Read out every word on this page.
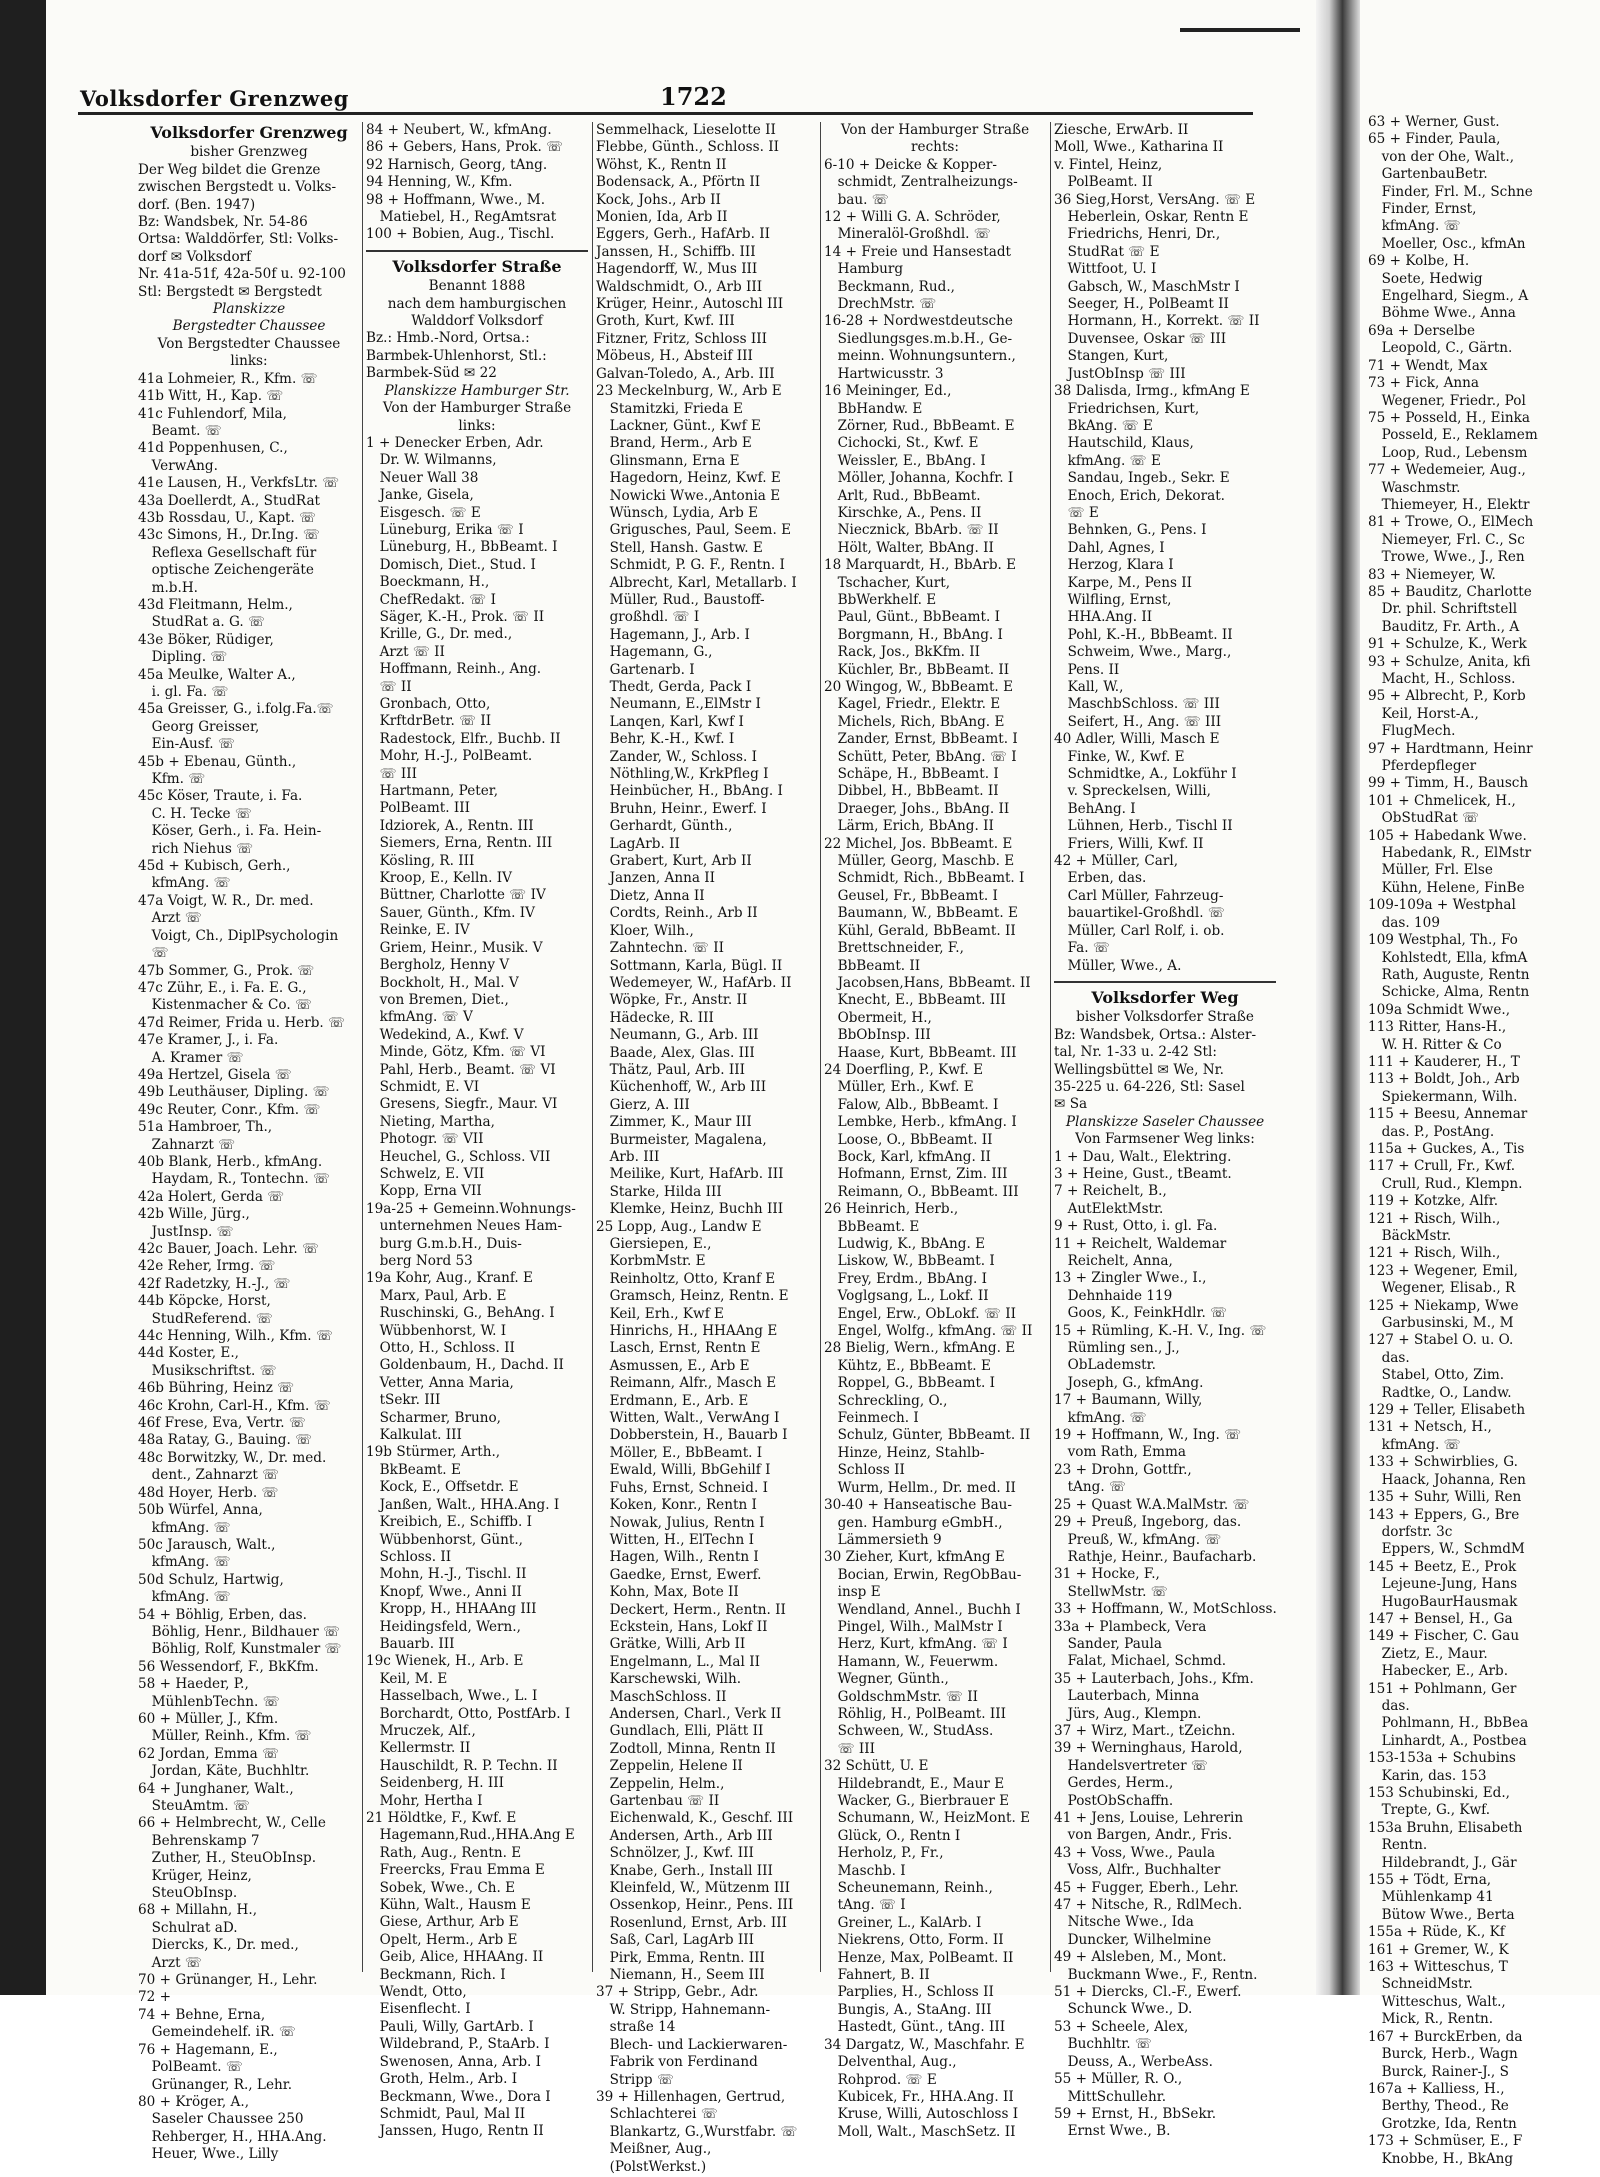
Volksdorfer Grenzweg	1722
Volksdorfer Grenzweg
bisher Grenzweg
Der Weg bildet die Grenze
zwischen Bergstedt u. Volks-
dorf. (Ben. 1947)
Bz: Wandsbek, Nr. 54-86
Ortsa: Walddörfer, Stl: Volks-
dorf ✉ Volksdorf
Nr. 41a-51f, 42a-50f u. 92-100
Stl: Bergstedt ✉ Bergstedt
Planskizze
Bergstedter Chaussee
Von Bergstedter Chaussee
links:
41a Lohmeier, R., Kfm. ☏
41b Witt, H., Kap. ☏
41c Fuhlendorf, Mila,
 Beamt. ☏
41d Poppenhusen, C.,
 VerwAng.
41e Lausen, H., VerkfsLtr. ☏
43a Doellerdt, A., StudRat
43b Rossdau, U., Kapt. ☏
43c Simons, H., Dr.Ing. ☏
 Reflexa Gesellschaft für
 optische Zeichengeräte
 m.b.H.
43d Fleitmann, Helm.,
 StudRat a. G. ☏
43e Böker, Rüdiger,
 Dipling. ☏
45a Meulke, Walter A.,
 i. gl. Fa. ☏
45a Greisser, G., i.folg.Fa.☏
 Georg Greisser,
 Ein-Ausf. ☏
45b + Ebenau, Günth.,
 Kfm. ☏
45c Köser, Traute, i. Fa.
 C. H. Tecke ☏
 Köser, Gerh., i. Fa. Hein-
 rich Niehus ☏
45d + Kubisch, Gerh.,
 kfmAng. ☏
47a Voigt, W. R., Dr. med.
 Arzt ☏
 Voigt, Ch., DiplPsychologin
 ☏
47b Sommer, G., Prok. ☏
47c Zühr, E., i. Fa. E. G.,
 Kistenmacher & Co. ☏
47d Reimer, Frida u. Herb. ☏
47e Kramer, J., i. Fa.
 A. Kramer ☏
49a Hertzel, Gisela ☏
49b Leuthäuser, Dipling. ☏
49c Reuter, Conr., Kfm. ☏
51a Hambroer, Th.,
 Zahnarzt ☏
40b Blank, Herb., kfmAng.
 Haydam, R., Tontechn. ☏
42a Holert, Gerda ☏
42b Wille, Jürg.,
 JustInsp. ☏
42c Bauer, Joach. Lehr. ☏
42e Reher, Irmg. ☏
42f Radetzky, H.-J., ☏
44b Köpcke, Horst,
 StudReferend. ☏
44c Henning, Wilh., Kfm. ☏
44d Koster, E.,
 Musikschriftst. ☏
46b Bühring, Heinz ☏
46c Krohn, Carl-H., Kfm. ☏
46f Frese, Eva, Vertr. ☏
48a Ratay, G., Bauing. ☏
48c Borwitzky, W., Dr. med.
 dent., Zahnarzt ☏
48d Hoyer, Herb. ☏
50b Würfel, Anna,
 kfmAng. ☏
50c Jarausch, Walt.,
 kfmAng. ☏
50d Schulz, Hartwig,
 kfmAng. ☏
54 + Böhlig, Erben, das.
 Böhlig, Henr., Bildhauer ☏
 Böhlig, Rolf, Kunstmaler ☏
56 Wessendorf, F., BkKfm.
58 + Haeder, P.,
 MühlenbTechn. ☏
60 + Müller, J., Kfm.
 Müller, Reinh., Kfm. ☏
62 Jordan, Emma ☏
 Jordan, Käte, Buchhltr.
64 + Junghaner, Walt.,
 SteuAmtm. ☏
66 + Helmbrecht, W., Celle
 Behrenskamp 7
 Zuther, H., SteuObInsp.
 Krüger, Heinz,
 SteuObInsp.
68 + Millahn, H.,
 Schulrat aD.
 Diercks, K., Dr. med.,
 Arzt ☏
70 + Grünanger, H., Lehr.
72 +
74 + Behne, Erna,
 Gemeindehelf. iR. ☏
76 + Hagemann, E.,
 PolBeamt. ☏
 Grünanger, R., Lehr.
80 + Kröger, A.,
 Saseler Chaussee 250
 Rehberger, H., HHA.Ang.
 Heuer, Wwe., Lilly
84 + Neubert, W., kfmAng.
86 + Gebers, Hans, Prok. ☏
92 Harnisch, Georg, tAng.
94 Henning, W., Kfm.
98 + Hoffmann, Wwe., M.
 Matiebel, H., RegAmtsrat
100 + Bobien, Aug., Tischl.
Volksdorfer Straße
Benannt 1888
nach dem hamburgischen
Walddorf Volksdorf
Bz.: Hmb.-Nord, Ortsa.:
Barmbek-Uhlenhorst, Stl.:
Barmbek-Süd ✉ 22
Planskizze Hamburger Str.
Von der Hamburger Straße
links:
1 + Denecker Erben, Adr.
 Dr. W. Wilmanns,
 Neuer Wall 38
 Janke, Gisela,
 Eisgesch. ☏ E
 Lüneburg, Erika ☏ I
 Lüneburg, H., BbBeamt. I
 Domisch, Diet., Stud. I
 Boeckmann, H.,
 ChefRedakt. ☏ I
 Säger, K.-H., Prok. ☏ II
 Krille, G., Dr. med.,
 Arzt ☏ II
 Hoffmann, Reinh., Ang.
 ☏ II
 Gronbach, Otto,
 KrftdrBetr. ☏ II
 Radestock, Elfr., Buchb. II
 Mohr, H.-J., PolBeamt.
 ☏ III
 Hartmann, Peter,
 PolBeamt. III
 Idziorek, A., Rentn. III
 Siemers, Erna, Rentn. III
 Kösling, R. III
 Kroop, E., Kelln. IV
 Büttner, Charlotte ☏ IV
 Sauer, Günth., Kfm. IV
 Reinke, E. IV
 Griem, Heinr., Musik. V
 Bergholz, Henny V
 Bockholt, H., Mal. V
 von Bremen, Diet.,
 kfmAng. ☏ V
 Wedekind, A., Kwf. V
 Minde, Götz, Kfm. ☏ VI
 Pahl, Herb., Beamt. ☏ VI
 Schmidt, E. VI
 Gresens, Siegfr., Maur. VI
 Nieting, Martha,
 Photogr. ☏ VII
 Heuchel, G., Schloss. VII
 Schwelz, E. VII
 Kopp, Erna VII
19a-25 + Gemeinn.Wohnungs-
 unternehmen Neues Ham-
 burg G.m.b.H., Duis-
 berg Nord 53
19a Kohr, Aug., Kranf. E
 Marx, Paul, Arb. E
 Ruschinski, G., BehAng. I
 Wübbenhorst, W. I
 Otto, H., Schloss. II
 Goldenbaum, H., Dachd. II
 Vetter, Anna Maria,
 tSekr. III
 Scharmer, Bruno,
 Kalkulat. III
19b Stürmer, Arth.,
 BkBeamt. E
 Kock, E., Offsetdr. E
 Janßen, Walt., HHA.Ang. I
 Kreibich, E., Schiffb. I
 Wübbenhorst, Günt.,
 Schloss. II
 Mohn, H.-J., Tischl. II
 Knopf, Wwe., Anni II
 Kropp, H., HHAAng III
 Heidingsfeld, Wern.,
 Bauarb. III
19c Wienek, H., Arb. E
 Keil, M. E
 Hasselbach, Wwe., L. I
 Borchardt, Otto, PostfArb. I
 Mruczek, Alf.,
 Kellermstr. II
 Hauschildt, R. P. Techn. II
 Seidenberg, H. III
 Mohr, Hertha I
21 Höldtke, F., Kwf. E
 Hagemann,Rud.,HHA.Ang E
 Rath, Aug., Rentn. E
 Freercks, Frau Emma E
 Sobek, Wwe., Ch. E
 Kühn, Walt., Hausm E
 Giese, Arthur, Arb E
 Opelt, Herm., Arb E
 Geib, Alice, HHAAng. II
 Beckmann, Rich. I
 Wendt, Otto,
 Eisenflecht. I
 Pauli, Willy, GartArb. I
 Wildebrand, P., StaArb. I
 Swenosen, Anna, Arb. I
 Groth, Helm., Arb. I
 Beckmann, Wwe., Dora I
 Schmidt, Paul, Mal II
 Janssen, Hugo, Rentn II
Semmelhack, Lieselotte II
Flebbe, Günth., Schloss. II
Wöhst, K., Rentn II
Bodensack, A., Pförtn II
Kock, Johs., Arb II
Monien, Ida, Arb II
Eggers, Gerh., HafArb. II
Janssen, H., Schiffb. III
Hagendorff, W., Mus III
Waldschmidt, O., Arb III
Krüger, Heinr., Autoschl III
Groth, Kurt, Kwf. III
Fitzner, Fritz, Schloss III
Möbeus, H., Absteif III
Galvan-Toledo, A., Arb. III
23 Meckelnburg, W., Arb E
 Stamitzki, Frieda E
 Lackner, Günt., Kwf E
 Brand, Herm., Arb E
 Glinsmann, Erna E
 Hagedorn, Heinz, Kwf. E
 Nowicki Wwe.,Antonia E
 Wünsch, Lydia, Arb E
 Grigusches, Paul, Seem. E
 Stell, Hansh. Gastw. E
 Schmidt, P. G. F., Rentn. I
 Albrecht, Karl, Metallarb. I
 Müller, Rud., Baustoff-
 großhdl. ☏ I
 Hagemann, J., Arb. I
 Hagemann, G.,
 Gartenarb. I
 Thedt, Gerda, Pack I
 Neumann, E.,ElMstr I
 Lanqen, Karl, Kwf I
 Behr, K.-H., Kwf. I
 Zander, W., Schloss. I
 Nöthling,W., KrkPfleg I
 Heinbücher, H., BbAng. I
 Bruhn, Heinr., Ewerf. I
 Gerhardt, Günth.,
 LagArb. II
 Grabert, Kurt, Arb II
 Janzen, Anna II
 Dietz, Anna II
 Cordts, Reinh., Arb II
 Kloer, Wilh.,
 Zahntechn. ☏ II
 Sottmann, Karla, Bügl. II
 Wedemeyer, W., HafArb. II
 Wöpke, Fr., Anstr. II
 Hädecke, R. III
 Neumann, G., Arb. III
 Baade, Alex, Glas. III
 Thätz, Paul, Arb. III
 Küchenhoff, W., Arb III
 Gierz, A. III
 Zimmer, K., Maur III
 Burmeister, Magalena,
 Arb. III
 Meilike, Kurt, HafArb. III
 Starke, Hilda III
 Klemke, Heinz, Buchh III
25 Lopp, Aug., Landw E
 Giersiepen, E.,
 KorbmMstr. E
 Reinholtz, Otto, Kranf E
 Gramsch, Heinz, Rentn. E
 Keil, Erh., Kwf E
 Hinrichs, H., HHAAng E
 Lasch, Ernst, Rentn E
 Asmussen, E., Arb E
 Reimann, Alfr., Masch E
 Erdmann, E., Arb. E
 Witten, Walt., VerwAng I
 Dobberstein, H., Bauarb I
 Möller, E., BbBeamt. I
 Ewald, Willi, BbGehilf I
 Fuhs, Ernst, Schneid. I
 Koken, Konr., Rentn I
 Nowak, Julius, Rentn I
 Witten, H., ElTechn I
 Hagen, Wilh., Rentn I
 Gaedke, Ernst, Ewerf.
 Kohn, Max, Bote II
 Deckert, Herm., Rentn. II
 Eckstein, Hans, Lokf II
 Grätke, Willi, Arb II
 Engelmann, L., Mal II
 Karschewski, Wilh.
 MaschSchloss. II
 Andersen, Charl., Verk II
 Gundlach, Elli, Plätt II
 Zodtoll, Minna, Rentn II
 Zeppelin, Helene II
 Zeppelin, Helm.,
 Gartenbau ☏ II
 Eichenwald, K., Geschf. III
 Andersen, Arth., Arb III
 Schnölzer, J., Kwf. III
 Knabe, Gerh., Install III
 Kleinfeld, W., Mützenm III
 Ossenkop, Heinr., Pens. III
 Rosenlund, Ernst, Arb. III
 Saß, Carl, LagArb III
 Pirk, Emma, Rentn. III
 Niemann, H., Seem III
37 + Stripp, Gebr., Adr.
 W. Stripp, Hahnemann-
 straße 14
 Blech- und Lackierwaren-
 Fabrik von Ferdinand
 Stripp ☏
39 + Hillenhagen, Gertrud,
 Schlachterei ☏
 Blankartz, G.,Wurstfabr. ☏
 Meißner, Aug.,
 (PolstWerkst.)
Von der Hamburger Straße
rechts:
6-10 + Deicke & Kopper-
 schmidt, Zentralheizungs-
 bau. ☏
12 + Willi G. A. Schröder,
 Mineralöl-Großhdl. ☏
14 + Freie und Hansestadt
 Hamburg
 Beckmann, Rud.,
 DrechMstr. ☏
16-28 + Nordwestdeutsche
 Siedlungsges.m.b.H., Ge-
 meinn. Wohnungsuntern.,
 Hartwicusstr. 3
16 Meininger, Ed.,
 BbHandw. E
 Zörner, Rud., BbBeamt. E
 Cichocki, St., Kwf. E
 Weissler, E., BbAng. I
 Möller, Johanna, Kochfr. I
 Arlt, Rud., BbBeamt.
 Kirschke, A., Pens. II
 Niecznick, BbArb. ☏ II
 Hölt, Walter, BbAng. II
18 Marquardt, H., BbArb. E
 Tschacher, Kurt,
 BbWerkhelf. E
 Paul, Günt., BbBeamt. I
 Borgmann, H., BbAng. I
 Rack, Jos., BkKfm. II
 Küchler, Br., BbBeamt. II
20 Wingog, W., BbBeamt. E
 Kagel, Friedr., Elektr. E
 Michels, Rich, BbAng. E
 Zander, Ernst, BbBeamt. I
 Schütt, Peter, BbAng. ☏ I
 Schäpe, H., BbBeamt. I
 Dibbel, H., BbBeamt. II
 Draeger, Johs., BbAng. II
 Lärm, Erich, BbAng. II
22 Michel, Jos. BbBeamt. E
 Müller, Georg, Maschb. E
 Schmidt, Rich., BbBeamt. I
 Geusel, Fr., BbBeamt. I
 Baumann, W., BbBeamt. E
 Kühl, Gerald, BbBeamt. II
 Brettschneider, F.,
 BbBeamt. II
 Jacobsen,Hans, BbBeamt. II
 Knecht, E., BbBeamt. III
 Obermeit, H.,
 BbObInsp. III
 Haase, Kurt, BbBeamt. III
24 Doerfling, P., Kwf. E
 Müller, Erh., Kwf. E
 Falow, Alb., BbBeamt. I
 Lembke, Herb., kfmAng. I
 Loose, O., BbBeamt. II
 Bock, Karl, kfmAng. II
 Hofmann, Ernst, Zim. III
 Reimann, O., BbBeamt. III
26 Heinrich, Herb.,
 BbBeamt. E
 Ludwig, K., BbAng. E
 Liskow, W., BbBeamt. I
 Frey, Erdm., BbAng. I
 Voglgsang, L., Lokf. II
 Engel, Erw., ObLokf. ☏ II
 Engel, Wolfg., kfmAng. ☏ II
28 Bielig, Wern., kfmAng. E
 Kühtz, E., BbBeamt. E
 Roppel, G., BbBeamt. I
 Schreckling, O.,
 Feinmech. I
 Schulz, Günter, BbBeamt. II
 Hinze, Heinz, Stahlb-
 Schloss II
 Wurm, Hellm., Dr. med. II
30-40 + Hanseatische Bau-
 gen. Hamburg eGmbH.,
 Lämmersieth 9
30 Zieher, Kurt, kfmAng E
 Bocian, Erwin, RegObBau-
 insp E
 Wendland, Annel., Buchh I
 Pingel, Wilh., MalMstr I
 Herz, Kurt, kfmAng. ☏ I
 Hamann, W., Feuerwm.
 Wegner, Günth.,
 GoldschmMstr. ☏ II
 Röhlig, H., PolBeamt. III
 Schween, W., StudAss.
 ☏ III
32 Schütt, U. E
 Hildebrandt, E., Maur E
 Wacker, G., Bierbrauer E
 Schumann, W., HeizMont. E
 Glück, O., Rentn I
 Herholz, P., Fr.,
 Maschb. I
 Scheunemann, Reinh.,
 tAng. ☏ I
 Greiner, L., KalArb. I
 Niekrens, Otto, Form. II
 Henze, Max, PolBeamt. II
 Fahnert, B. II
 Parplies, H., Schloss II
 Bungis, A., StaAng. III
 Hastedt, Günt., tAng. III
34 Dargatz, W., Maschfahr. E
 Delventhal, Aug.,
 Rohprod. ☏ E
 Kubicek, Fr., HHA.Ang. II
 Kruse, Willi, Autoschloss I
 Moll, Walt., MaschSetz. II
Ziesche, ErwArb. II
Moll, Wwe., Katharina II
v. Fintel, Heinz,
 PolBeamt. II
36 Sieg,Horst, VersAng. ☏ E
 Heberlein, Oskar, Rentn E
 Friedrichs, Henri, Dr.,
 StudRat ☏ E
 Wittfoot, U. I
 Gabsch, W., MaschMstr I
 Seeger, H., PolBeamt II
 Hormann, H., Korrekt. ☏ II
 Duvensee, Oskar ☏ III
 Stangen, Kurt,
 JustObInsp ☏ III
38 Dalisda, Irmg., kfmAng E
 Friedrichsen, Kurt,
 BkAng. ☏ E
 Hautschild, Klaus,
 kfmAng. ☏ E
 Sandau, Ingeb., Sekr. E
 Enoch, Erich, Dekorat.
 ☏ E
 Behnken, G., Pens. I
 Dahl, Agnes, I
 Herzog, Klara I
 Karpe, M., Pens II
 Wilfling, Ernst,
 HHA.Ang. II
 Pohl, K.-H., BbBeamt. II
 Schweim, Wwe., Marg.,
 Pens. II
 Kall, W.,
 MaschbSchloss. ☏ III
 Seifert, H., Ang. ☏ III
40 Adler, Willi, Masch E
 Finke, W., Kwf. E
 Schmidtke, A., Lokführ I
 v. Spreckelsen, Willi,
 BehAng. I
 Lühnen, Herb., Tischl II
 Friers, Willi, Kwf. II
42 + Müller, Carl,
 Erben, das.
 Carl Müller, Fahrzeug-
 bauartikel-Großhdl. ☏
 Müller, Carl Rolf, i. ob.
 Fa. ☏
 Müller, Wwe., A.
Volksdorfer Weg
bisher Volksdorfer Straße
Bz: Wandsbek, Ortsa.: Alster-
tal, Nr. 1-33 u. 2-42 Stl:
Wellingsbüttel ✉ We, Nr.
35-225 u. 64-226, Stl: Sasel
✉ Sa
Planskizze Saseler Chaussee
Von Farmsener Weg links:
1 + Dau, Walt., Elektring.
3 + Heine, Gust., tBeamt.
7 + Reichelt, B.,
 AutElektMstr.
9 + Rust, Otto, i. gl. Fa.
11 + Reichelt, Waldemar
 Reichelt, Anna,
13 + Zingler Wwe., I.,
 Dehnhaide 119
 Goos, K., FeinkHdlr. ☏
15 + Rümling, K.-H. V., Ing. ☏
 Rümling sen., J.,
 ObLademstr.
 Joseph, G., kfmAng.
17 + Baumann, Willy,
 kfmAng. ☏
19 + Hoffmann, W., Ing. ☏
 vom Rath, Emma
23 + Drohn, Gottfr.,
 tAng. ☏
25 + Quast W.A.MalMstr. ☏
29 + Preuß, Ingeborg, das.
 Preuß, W., kfmAng. ☏
 Rathje, Heinr., Baufacharb.
31 + Hocke, F.,
 StellwMstr. ☏
33 + Hoffmann, W., MotSchloss.
33a + Plambeck, Vera
 Sander, Paula
 Falat, Michael, Schmd.
35 + Lauterbach, Johs., Kfm.
 Lauterbach, Minna
 Jürs, Aug., Klempn.
37 + Wirz, Mart., tZeichn.
39 + Werninghaus, Harold,
 Handelsvertreter ☏
 Gerdes, Herm.,
 PostObSchaffn.
41 + Jens, Louise, Lehrerin
 von Bargen, Andr., Fris.
43 + Voss, Wwe., Paula
 Voss, Alfr., Buchhalter
45 + Fugger, Eberh., Lehr.
47 + Nitsche, R., RdlMech.
 Nitsche Wwe., Ida
 Duncker, Wilhelmine
49 + Alsleben, M., Mont.
 Buckmann Wwe., F., Rentn.
51 + Diercks, Cl.-F., Ewerf.
 Schunck Wwe., D.
53 + Scheele, Alex,
 Buchhltr. ☏
 Deuss, A., WerbeAss.
55 + Müller, R. O.,
 MittSchullehr.
59 + Ernst, H., BbSekr.
 Ernst Wwe., B.
63 + Werner, Gust.
65 + Finder, Paula,
 von der Ohe, Walt.,
 GartenbauBetr.
 Finder, Frl. M., Schne
 Finder, Ernst,
 kfmAng. ☏
 Moeller, Osc., kfmAn
69 + Kolbe, H.
 Soete, Hedwig
 Engelhard, Siegm., A
 Böhme Wwe., Anna
69a + Derselbe
 Leopold, C., Gärtn.
71 + Wendt, Max
73 + Fick, Anna
 Wegener, Friedr., Pol
75 + Posseld, H., Einka
 Posseld, E., Reklamem
 Loop, Rud., Lebensm
77 + Wedemeier, Aug.,
 Waschmstr.
 Thiemeyer, H., Elektr
81 + Trowe, O., ElMech
 Niemeyer, Frl. C., Sc
 Trowe, Wwe., J., Ren
83 + Niemeyer, W.
85 + Bauditz, Charlotte
 Dr. phil. Schriftstell
 Bauditz, Fr. Arth., A
91 + Schulze, K., Werk
93 + Schulze, Anita, kfi
 Macht, H., Schloss.
95 + Albrecht, P., Korb
 Keil, Horst-A.,
 FlugMech.
97 + Hardtmann, Heinr
 Pferdepfleger
99 + Timm, H., Bausch
101 + Chmelicek, H.,
 ObStudRat ☏
105 + Habedank Wwe.
 Habedank, R., ElMstr
 Müller, Frl. Else
 Kühn, Helene, FinBe
109-109a + Westphal
 das. 109
109 Westphal, Th., Fo
 Kohlstedt, Ella, kfmA
 Rath, Auguste, Rentn
 Schicke, Alma, Rentn
109a Schmidt Wwe.,
113 Ritter, Hans-H.,
 W. H. Ritter & Co
111 + Kauderer, H., T
113 + Boldt, Joh., Arb
 Spiekermann, Wilh.
115 + Beesu, Annemar
 das. P., PostAng.
115a + Guckes, A., Tis
117 + Crull, Fr., Kwf.
 Crull, Rud., Klempn.
119 + Kotzke, Alfr.
121 + Risch, Wilh.,
 BäckMstr.
121 + Risch, Wilh.,
123 + Wegener, Emil,
 Wegener, Elisab., R
125 + Niekamp, Wwe
 Garbusinski, M., M
127 + Stabel O. u. O.
 das.
 Stabel, Otto, Zim.
 Radtke, O., Landw.
129 + Teller, Elisabeth
131 + Netsch, H.,
 kfmAng. ☏
133 + Schwirblies, G.
 Haack, Johanna, Ren
135 + Suhr, Willi, Ren
143 + Eppers, G., Bre
 dorfstr. 3c
 Eppers, W., SchmdM
145 + Beetz, E., Prok
 Lejeune-Jung, Hans
 HugoBaurHausmak
147 + Bensel, H., Ga
149 + Fischer, C. Gau
 Zietz, E., Maur.
 Habecker, E., Arb.
151 + Pohlmann, Ger
 das.
 Pohlmann, H., BbBea
 Linhardt, A., Postbea
153-153a + Schubins
 Karin, das. 153
153 Schubinski, Ed.,
 Trepte, G., Kwf.
153a Bruhn, Elisabeth
 Rentn.
 Hildebrandt, J., Gär
155 + Tödt, Erna,
 Mühlenkamp 41
 Bütow Wwe., Berta
155a + Rüde, K., Kf
161 + Gremer, W., K
163 + Witteschus, T
 SchneidMstr.
 Witteschus, Walt.,
 Mick, R., Rentn.
167 + BurckErben, da
 Burck, Herb., Wagn
 Burck, Rainer-J., S
167a + Kalliess, H.,
 Berthy, Theod., Re
 Grotzke, Ida, Rentn
173 + Schmüser, E., F
 Knobbe, H., BkAng
